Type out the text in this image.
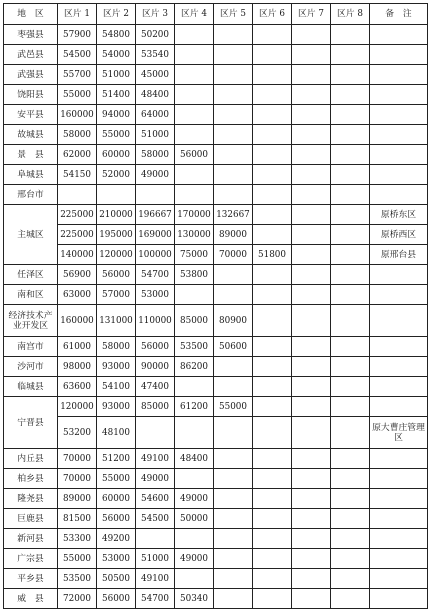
地　区	区片 1	区片 2	区片 3	区片 4	区片 5	区片 6	区片 7	区片 8	备　注
枣强县	57900	54800	50200						
武邑县	54500	54000	53540						
武强县	55700	51000	45000						
饶阳县	55000	51400	48400						
安平县	160000	94000	64000						
故城县	58000	55000	51000						
景　县	62000	60000	58000	56000					
阜城县	54150	52000	49000						
邢台市									
主城区	225000	210000	196667	170000	132667				原桥东区
	225000	195000	169000	130000	89000				原桥西区
	140000	120000	100000	75000	70000	51800			原邢台县
任泽区	56900	56000	54700	53800					
南和区	63000	57000	53000						
经济技术产业开发区	160000	131000	110000	85000	80900				
南宫市	61000	58000	56000	53500	50600				
沙河市	98000	93000	90000	86200					
临城县	63600	54100	47400						
宁晋县	120000	93000	85000	61200	55000				
	53200	48100							原大曹庄管理区
内丘县	70000	51200	49100	48400					
柏乡县	70000	55000	49000						
隆尧县	89000	60000	54600	49000					
巨鹿县	81500	56000	54500	50000					
新河县	53300	49200							
广宗县	55000	53000	51000	49000					
平乡县	53500	50500	49100						
威　县	72000	56000	54700	50340					
